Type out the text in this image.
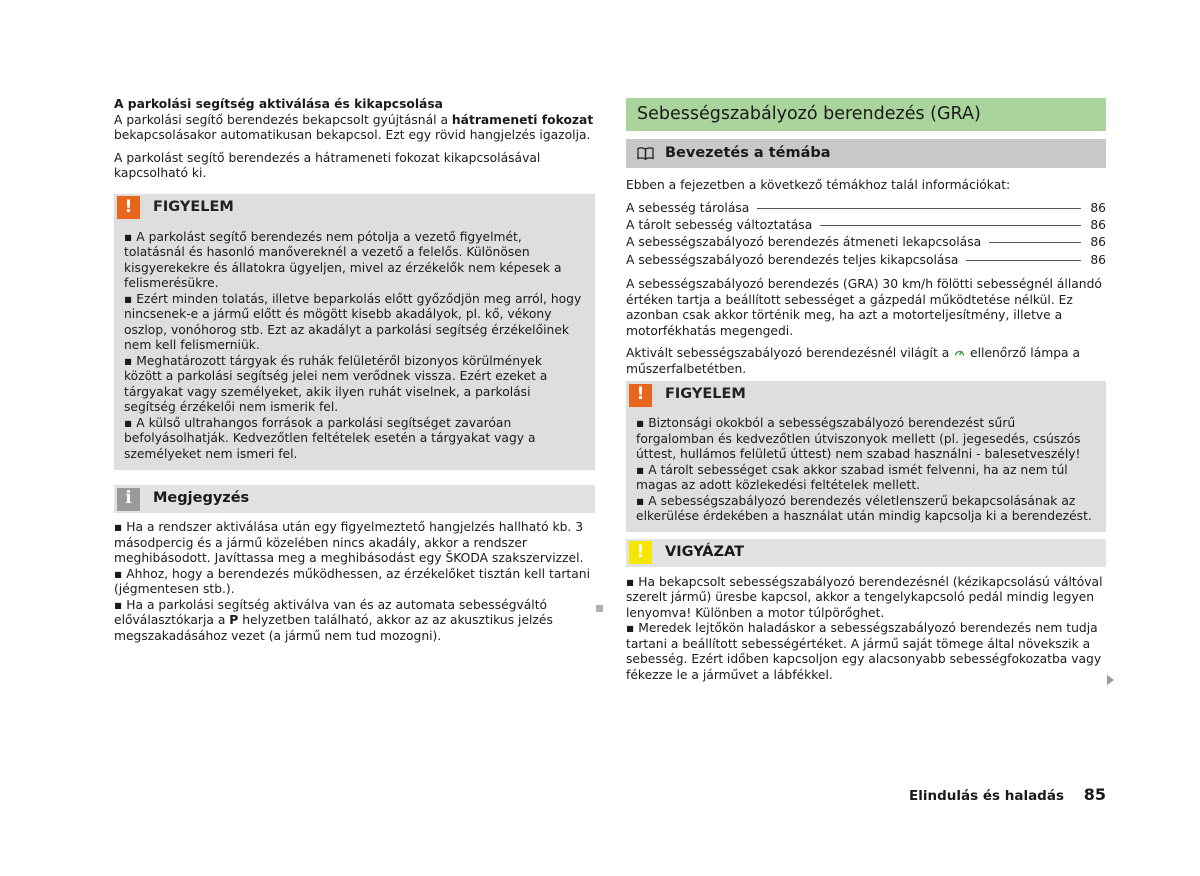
A parkolási segítség aktiválása és kikapcsolása

A parkolási segítő berendezés bekapcsolt gyújtásnál a hátrameneti fokozat bekapcsolásakor automatikusan bekapcsol. Ezt egy rövid hangjelzés igazolja.

A parkolást segítő berendezés a hátrameneti fokozat kikapcsolásával kapcsolható ki.

!	FIGYELEM

▪ A parkolást segítő berendezés nem pótolja a vezető figyelmét, tolatásnál és hasonló manővereknél a vezető a felelős. Különösen kisgyerekekre és állatokra ügyeljen, mivel az érzékelők nem képesek a felismerésükre.

▪ Ezért minden tolatás, illetve beparkolás előtt győződjön meg arról, hogy nincsenek-e a jármű előtt és mögött kisebb akadályok, pl. kő, vékony oszlop, vonóhorog stb. Ezt az akadályt a parkolási segítség érzékelőinek nem kell felismerniük.

▪ Meghatározott tárgyak és ruhák felületéről bizonyos körülmények között a parkolási segítség jelei nem verődnek vissza. Ezért ezeket a tárgyakat vagy személyeket, akik ilyen ruhát viselnek, a parkolási segítség érzékelői nem ismerik fel.

▪ A külső ultrahangos források a parkolási segítséget zavaróan befolyásolhatják. Kedvezőtlen feltételek esetén a tárgyakat vagy a személyeket nem ismeri fel.

i	Megjegyzés

▪ Ha a rendszer aktiválása után egy figyelmeztető hangjelzés hallható kb. 3 másodpercig és a jármű közelében nincs akadály, akkor a rendszer meghibásodott. Javíttassa meg a meghibásodást egy ŠKODA szakszervizzel.

▪ Ahhoz, hogy a berendezés működhessen, az érzékelőket tisztán kell tartani (jégmentesen stb.).

▪ Ha a parkolási segítség aktiválva van és az automata sebességváltó előválasztókarja a P helyzetben található, akkor az az akusztikus jelzés megszakadásához vezet (a jármű nem tud mozogni).

Sebességszabályozó berendezés (GRA)
Bevezetés a témába

Ebben a fejezetben a következő témákhoz talál információkat:

A sebesség tárolása	86
A tárolt sebesség változtatása	86
A sebességszabályozó berendezés átmeneti lekapcsolása	86
A sebességszabályozó berendezés teljes kikapcsolása	86

A sebességszabályozó berendezés (GRA) 30 km/h fölötti sebességnél állandó értéken tartja a beállított sebességet a gázpedál működtetése nélkül. Ez azonban csak akkor történik meg, ha azt a motorteljesítmény, illetve a motorfékhatás megengedi.

Aktivált sebességszabályozó berendezésnél világít a  ellenőrző lámpa a műszerfalbetétben.

!	FIGYELEM

▪ Biztonsági okokból a sebességszabályozó berendezést sűrű forgalomban és kedvezőtlen útviszonyok mellett (pl. jegesedés, csúszós úttest, hullámos felületű úttest) nem szabad használni - balesetveszély!

▪ A tárolt sebességet csak akkor szabad ismét felvenni, ha az nem túl magas az adott közlekedési feltételek mellett.

▪ A sebességszabályozó berendezés véletlenszerű bekapcsolásának az elkerülése érdekében a használat után mindig kapcsolja ki a berendezést.

!	VIGYÁZAT

▪ Ha bekapcsolt sebességszabályozó berendezésnél (kézikapcsolású váltóval szerelt jármű) üresbe kapcsol, akkor a tengelykapcsoló pedál mindig legyen lenyomva! Különben a motor túlpörőghet.

▪ Meredek lejtőkön haladáskor a sebességszabályozó berendezés nem tudja tartani a beállított sebességértéket. A jármű saját tömege által növekszik a sebesség. Ezért időben kapcsoljon egy alacsonyabb sebességfokozatba vagy fékezze le a járművet a lábfékkel.

Elindulás és haladás 85
